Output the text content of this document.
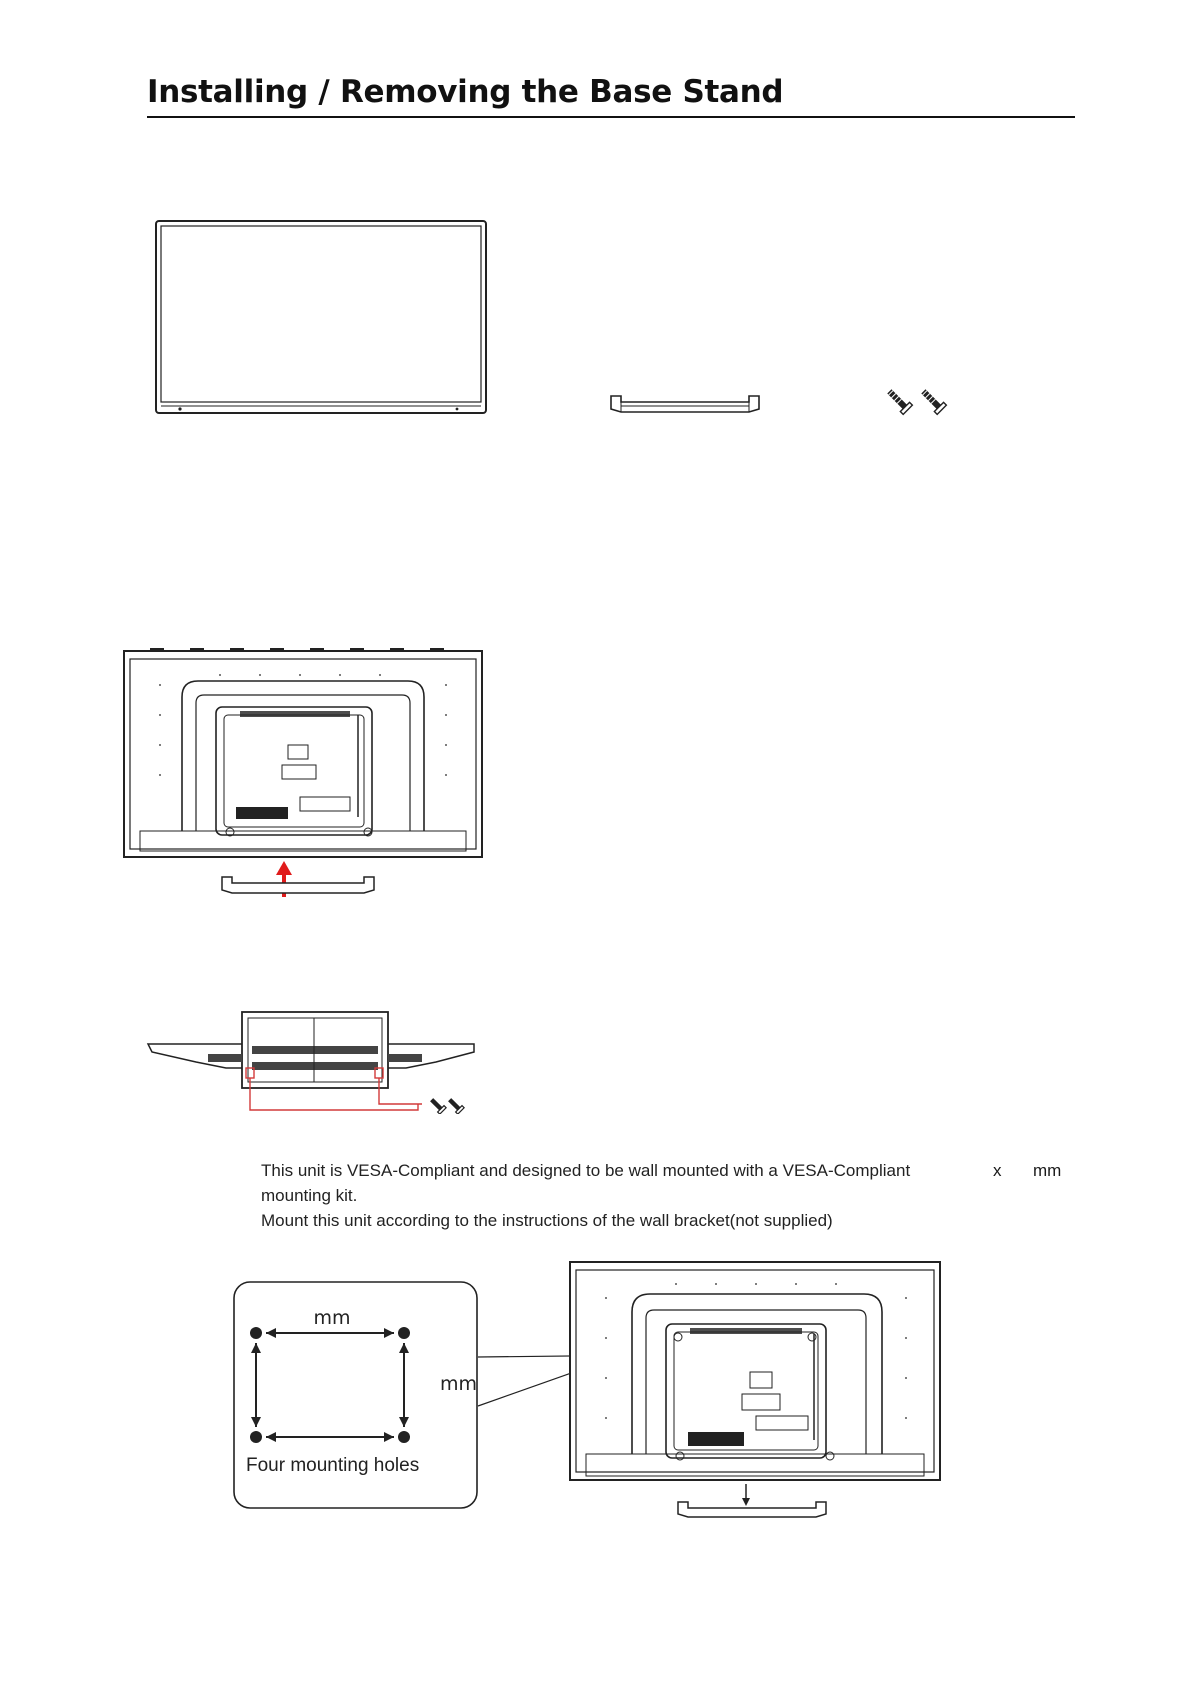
Installing / Removing the Base Stand
This unit is VESA-Compliant and designed to be wall mounted with a VESA-Compliant
mounting kit.
Mount this unit according to the instructions of the wall bracket(not supplied)
x mm
mm
Four mounting holes
mm
